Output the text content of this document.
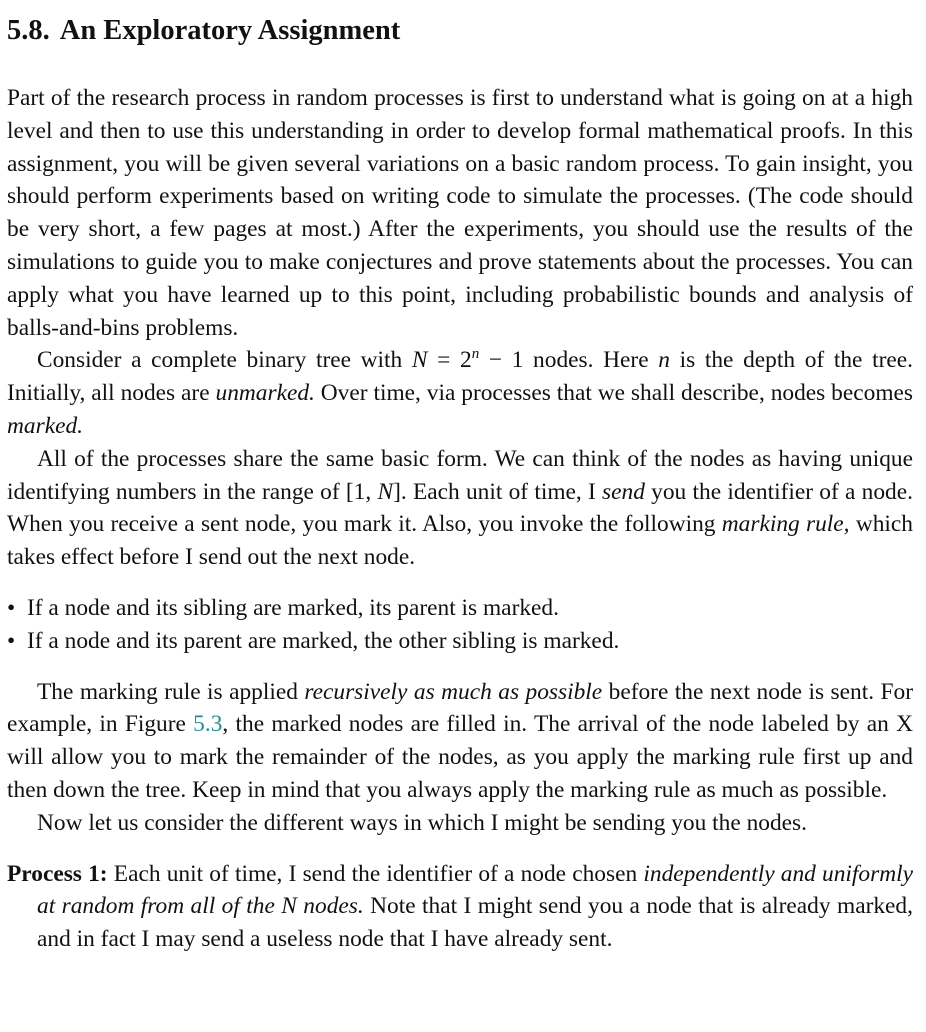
5.8. An Exploratory Assignment

Part of the research process in random processes is first to understand what is going on at a high level and then to use this understanding in order to develop formal mathematical proofs. In this assignment, you will be given several variations on a basic random process. To gain insight, you should perform experiments based on writing code to simulate the processes. (The code should be very short, a few pages at most.) After the experiments, you should use the results of the simulations to guide you to make conjectures and prove statements about the processes. You can apply what you have learned up to this point, including probabilistic bounds and analysis of balls-and-bins problems.

Consider a complete binary tree with $N = 2^n - 1$ nodes. Here n is the depth of the tree. Initially, all nodes are unmarked. Over time, via processes that we shall describe, nodes becomes marked.

All of the processes share the same basic form. We can think of the nodes as having unique identifying numbers in the range of [1, N]. Each unit of time, I send you the identifier of a node. When you receive a sent node, you mark it. Also, you invoke the following marking rule, which takes effect before I send out the next node.

• If a node and its sibling are marked, its parent is marked.
• If a node and its parent are marked, the other sibling is marked.

The marking rule is applied recursively as much as possible before the next node is sent. For example, in Figure 5.3, the marked nodes are filled in. The arrival of the node labeled by an X will allow you to mark the remainder of the nodes, as you apply the marking rule first up and then down the tree. Keep in mind that you always apply the marking rule as much as possible.

Now let us consider the different ways in which I might be sending you the nodes.

Process 1: Each unit of time, I send the identifier of a node chosen independently and uniformly at random from all of the N nodes. Note that I might send you a node that is already marked, and in fact I may send a useless node that I have already sent.
